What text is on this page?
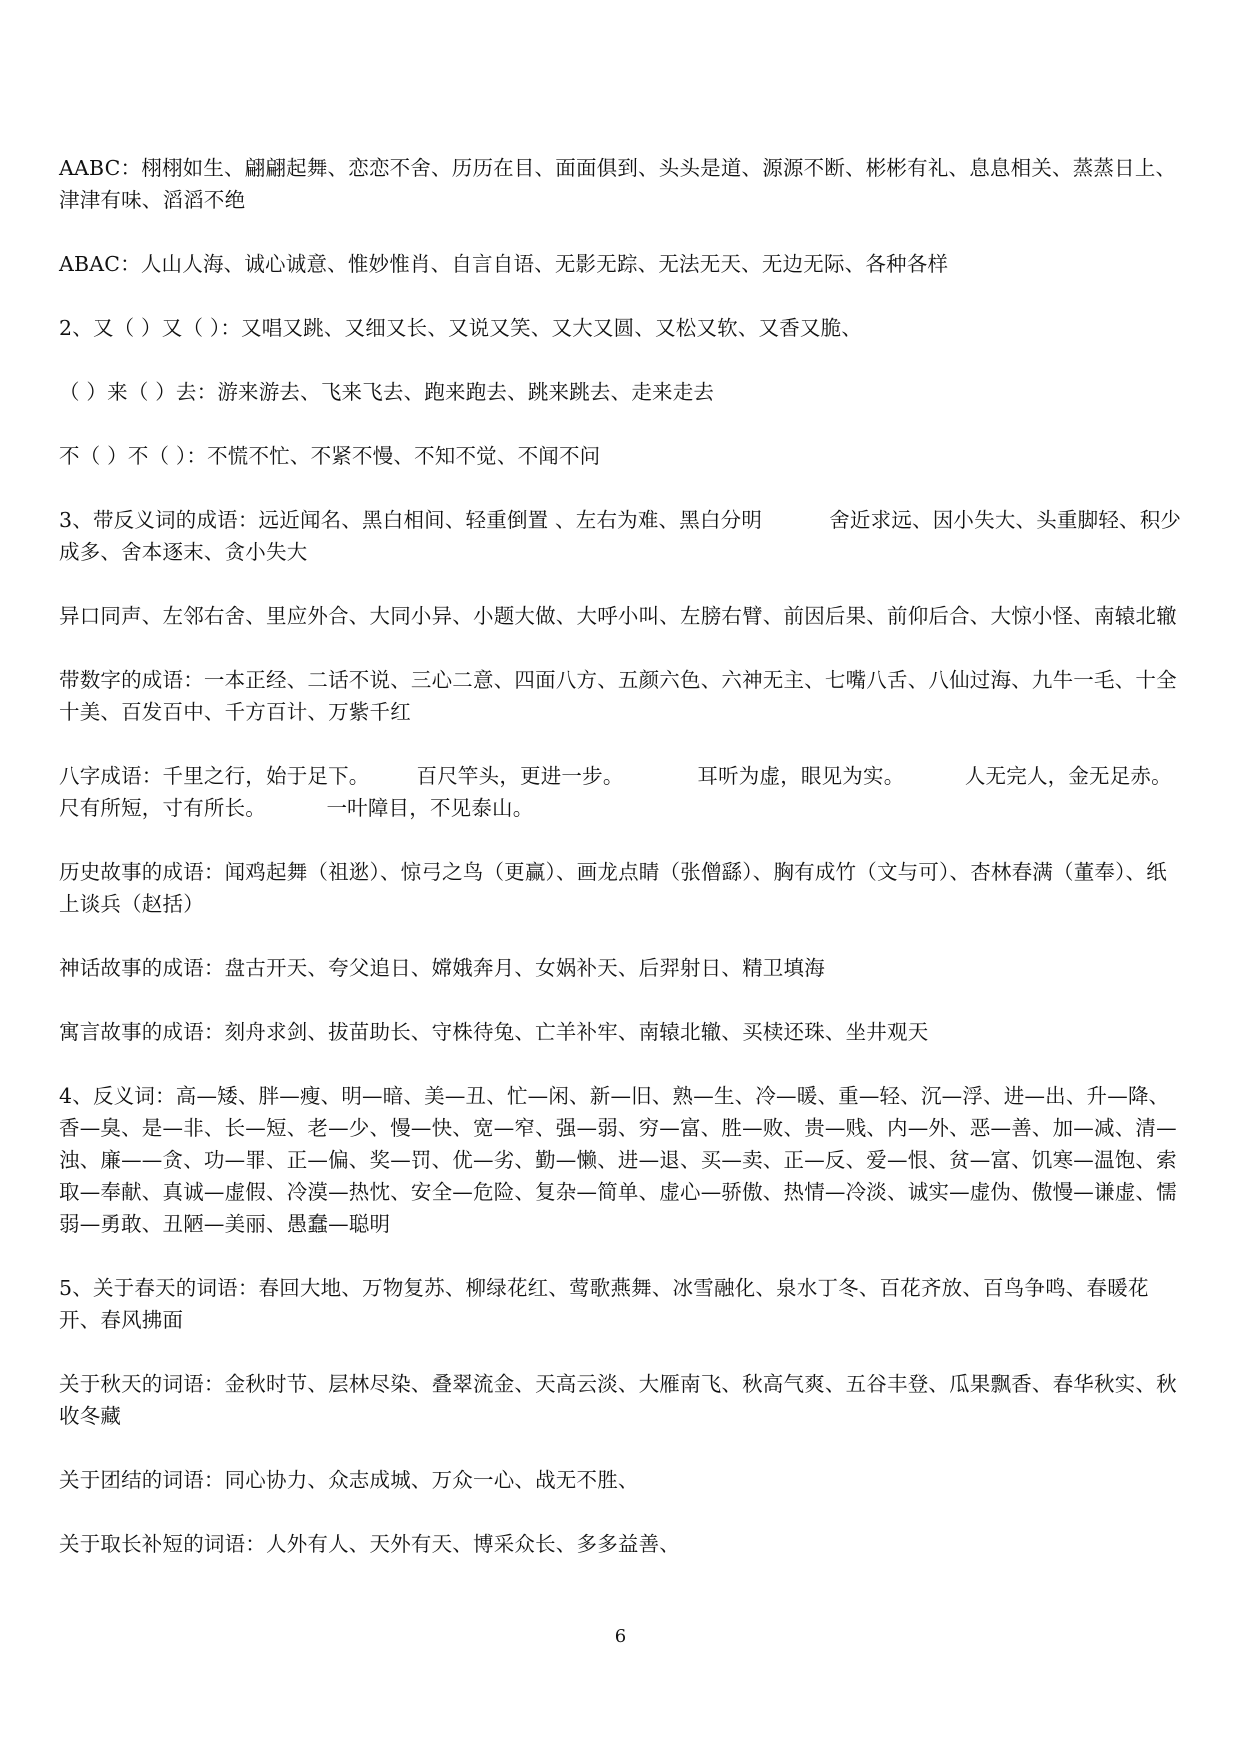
AABC：栩栩如生、翩翩起舞、恋恋不舍、历历在目、面面俱到、头头是道、源源不断、彬彬有礼、息息相关、蒸蒸日上、津津有味、滔滔不绝

ABAC：人山人海、诚心诚意、惟妙惟肖、自言自语、无影无踪、无法无天、无边无际、各种各样

2、又（ ）又（ ）：又唱又跳、又细又长、又说又笑、又大又圆、又松又软、又香又脆、

（ ）来（ ）去：游来游去、飞来飞去、跑来跑去、跳来跳去、走来走去

不（ ）不（ ）：不慌不忙、不紧不慢、不知不觉、不闻不问

3、带反义词的成语：远近闻名、黑白相间、轻重倒置 、左右为难、黑白分明          舍近求远、因小失大、头重脚轻、积少成多、舍本逐末、贪小失大

异口同声、左邻右舍、里应外合、大同小异、小题大做、大呼小叫、左膀右臂、前因后果、前仰后合、大惊小怪、南辕北辙

带数字的成语：一本正经、二话不说、三心二意、四面八方、五颜六色、六神无主、七嘴八舌、八仙过海、九牛一毛、十全十美、百发百中、千方百计、万紫千红

八字成语：千里之行，始于足下。       百尺竿头，更进一步。           耳听为虚，眼见为实。         人无完人，金无足赤。       尺有所短，寸有所长。         一叶障目，不见泰山。

历史故事的成语：闻鸡起舞（祖逖）、惊弓之鸟（更赢）、画龙点睛（张僧繇）、胸有成竹（文与可）、杏林春满（董奉）、纸上谈兵（赵括）

神话故事的成语：盘古开天、夸父追日、嫦娥奔月、女娲补天、后羿射日、精卫填海

寓言故事的成语：刻舟求剑、拔苗助长、守株待兔、亡羊补牢、南辕北辙、买椟还珠、坐井观天

4、反义词：高—矮、胖—瘦、明—暗、美—丑、忙—闲、新—旧、熟—生、冷—暖、重—轻、沉—浮、进—出、升—降、香—臭、是—非、长—短、老—少、慢—快、宽—窄、强—弱、穷—富、胜—败、贵—贱、内—外、恶—善、加—减、清—浊、廉——贪、功—罪、正—偏、奖—罚、优—劣、勤—懒、进—退、买—卖、正—反、爱—恨、贫—富、饥寒—温饱、索取—奉献、真诚—虚假、冷漠—热忱、安全—危险、复杂—简单、虚心—骄傲、热情—冷淡、诚实—虚伪、傲慢—谦虚、懦弱—勇敢、丑陋—美丽、愚蠢—聪明

5、关于春天的词语：春回大地、万物复苏、柳绿花红、莺歌燕舞、冰雪融化、泉水丁冬、百花齐放、百鸟争鸣、春暖花开、春风拂面

关于秋天的词语：金秋时节、层林尽染、叠翠流金、天高云淡、大雁南飞、秋高气爽、五谷丰登、瓜果飘香、春华秋实、秋收冬藏

关于团结的词语：同心协力、众志成城、万众一心、战无不胜、

关于取长补短的词语：人外有人、天外有天、博采众长、多多益善、

6
